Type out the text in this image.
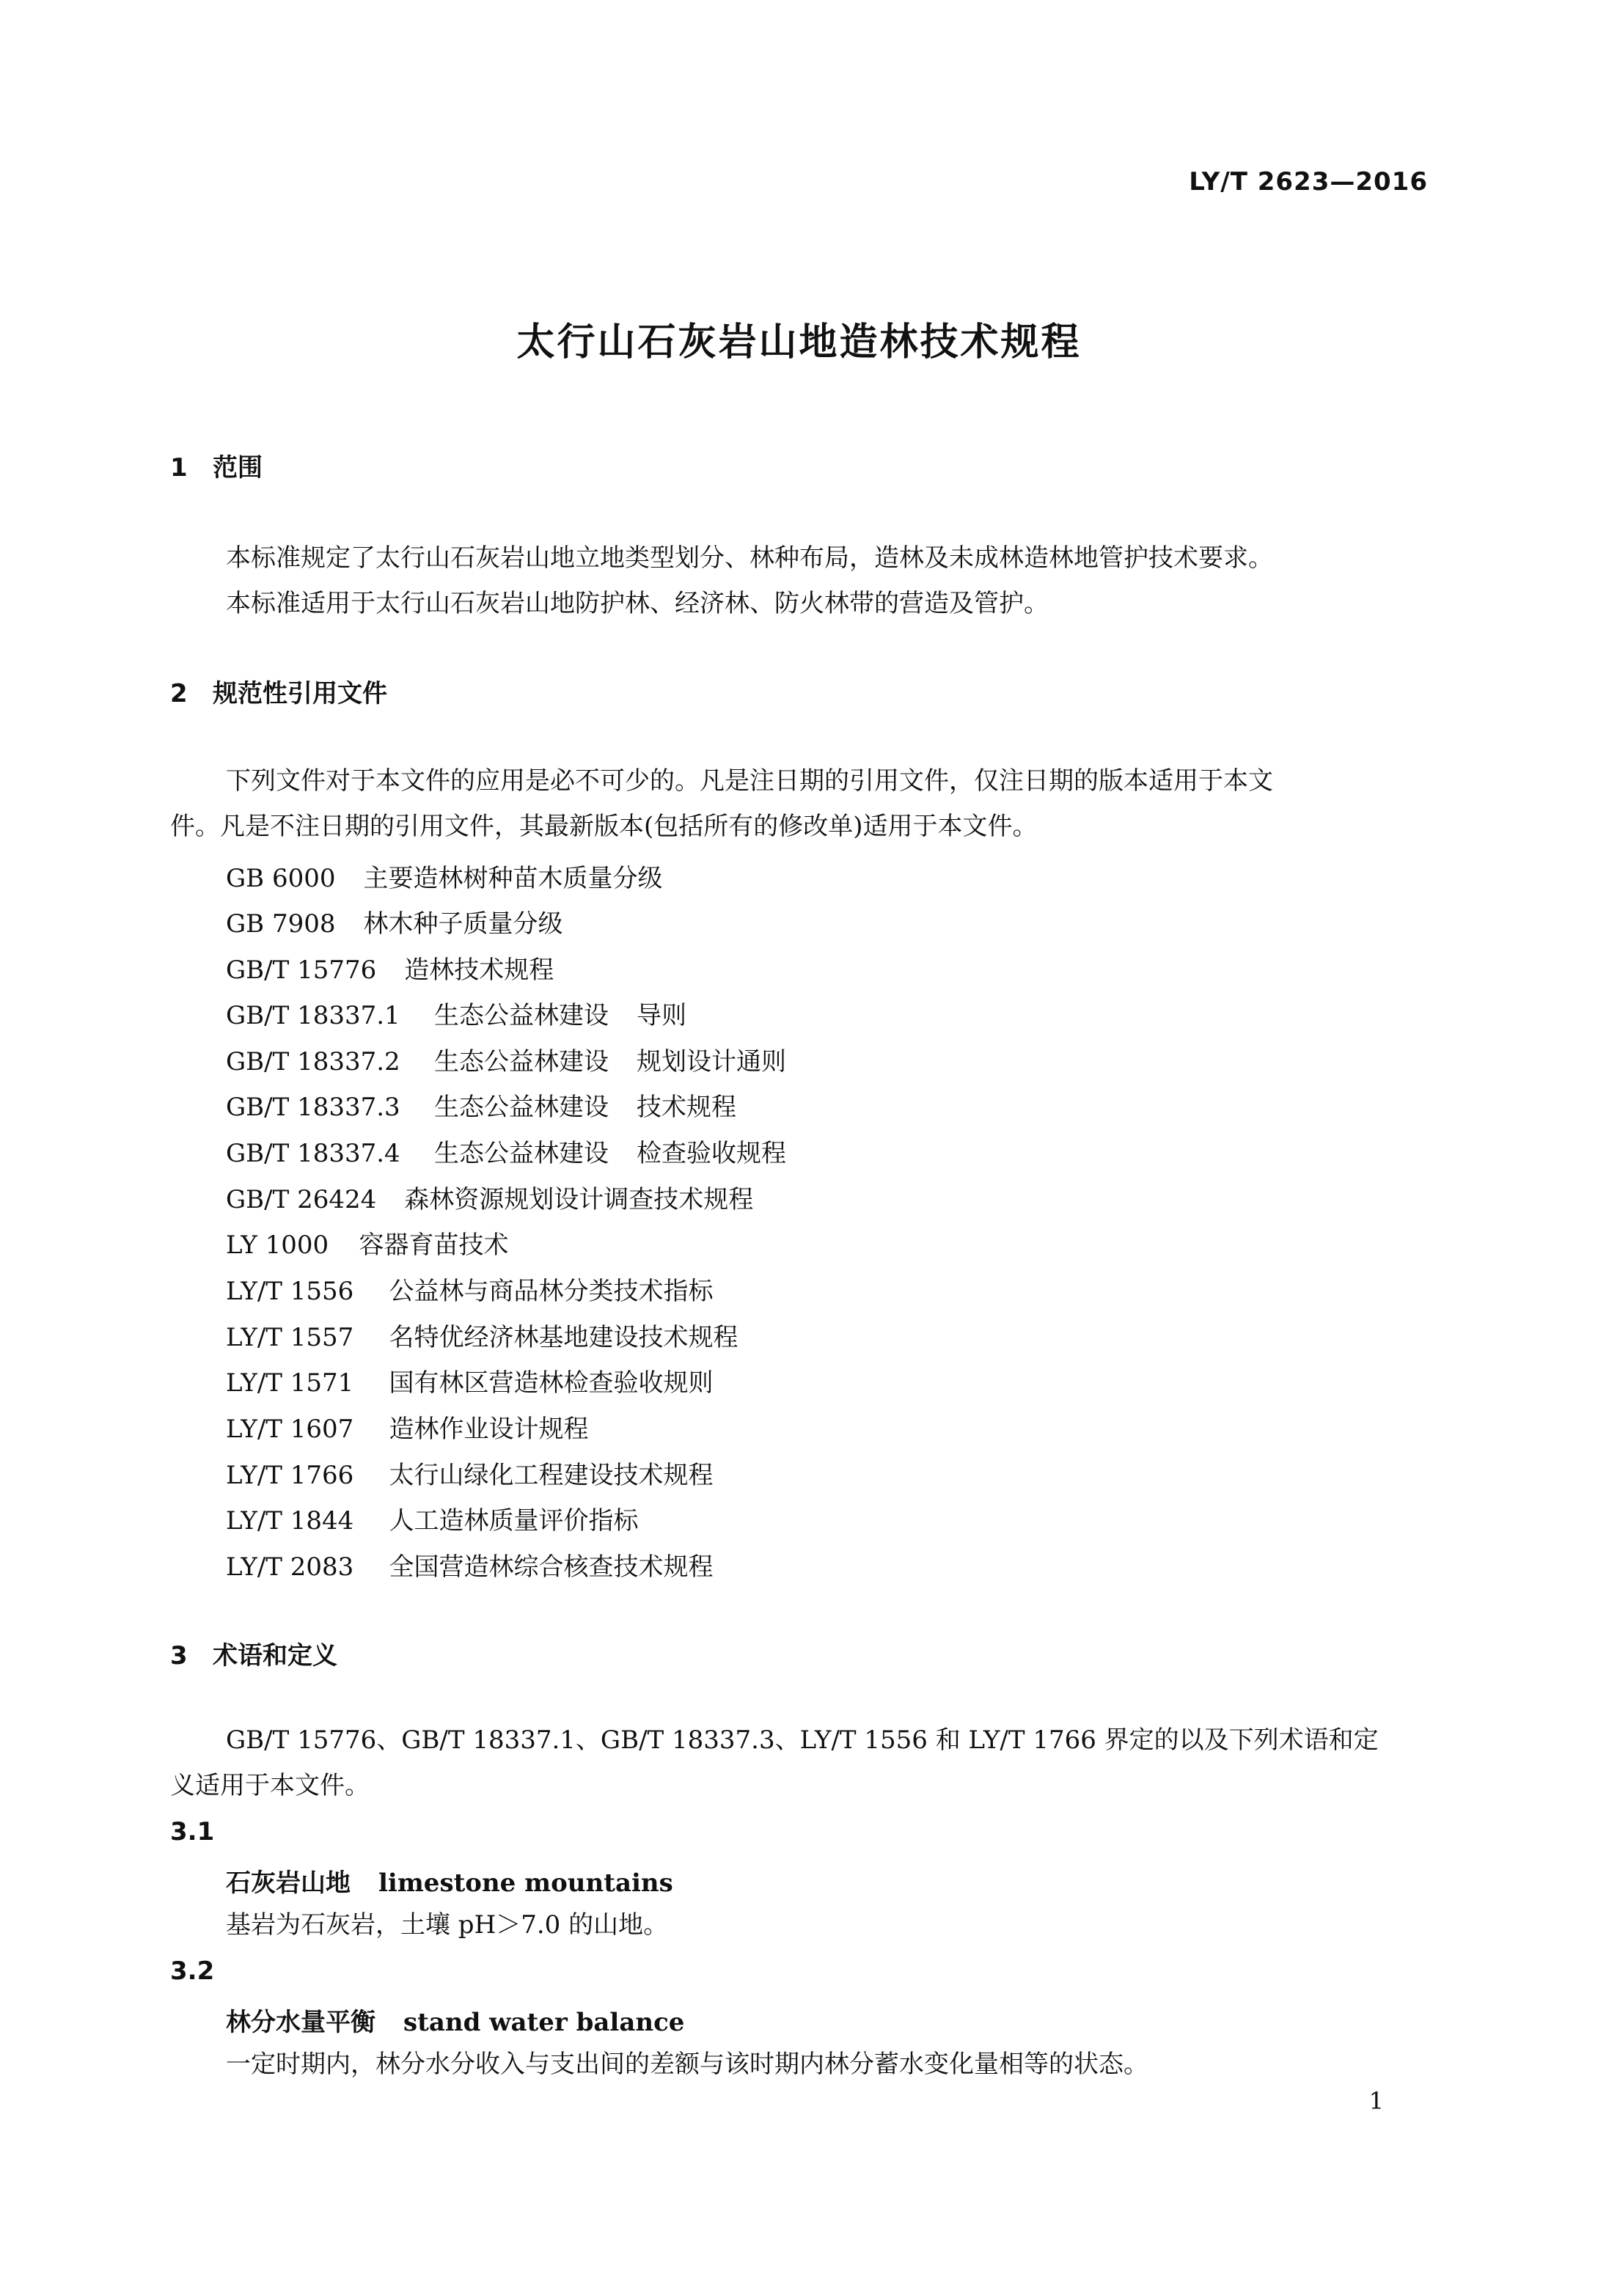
LY/T 2623—2016
太行山石灰岩山地造林技术规程
1 范围
本标准规定了太行山石灰岩山地立地类型划分、林种布局，造林及未成林造林地管护技术要求。
本标准适用于太行山石灰岩山地防护林、经济林、防火林带的营造及管护。
2 规范性引用文件
下列文件对于本文件的应用是必不可少的。凡是注日期的引用文件，仅注日期的版本适用于本文
件。凡是不注日期的引用文件，其最新版本(包括所有的修改单)适用于本文件。
GB 6000 主要造林树种苗木质量分级
GB 7908 林木种子质量分级
GB/T 15776 造林技术规程
GB/T 18337.1 生态公益林建设 导则
GB/T 18337.2 生态公益林建设 规划设计通则
GB/T 18337.3 生态公益林建设 技术规程
GB/T 18337.4 生态公益林建设 检查验收规程
GB/T 26424 森林资源规划设计调查技术规程
LY 1000 容器育苗技术
LY/T 1556 公益林与商品林分类技术指标
LY/T 1557 名特优经济林基地建设技术规程
LY/T 1571 国有林区营造林检查验收规则
LY/T 1607 造林作业设计规程
LY/T 1766 太行山绿化工程建设技术规程
LY/T 1844 人工造林质量评价指标
LY/T 2083 全国营造林综合核查技术规程
3 术语和定义
GB/T 15776、GB/T 18337.1、GB/T 18337.3、LY/T 1556 和 LY/T 1766 界定的以及下列术语和定
义适用于本文件。
3.1
石灰岩山地 limestone mountains
基岩为石灰岩，土壤 pH＞7.0 的山地。
3.2
林分水量平衡 stand water balance
一定时期内，林分水分收入与支出间的差额与该时期内林分蓄水变化量相等的状态。
1
